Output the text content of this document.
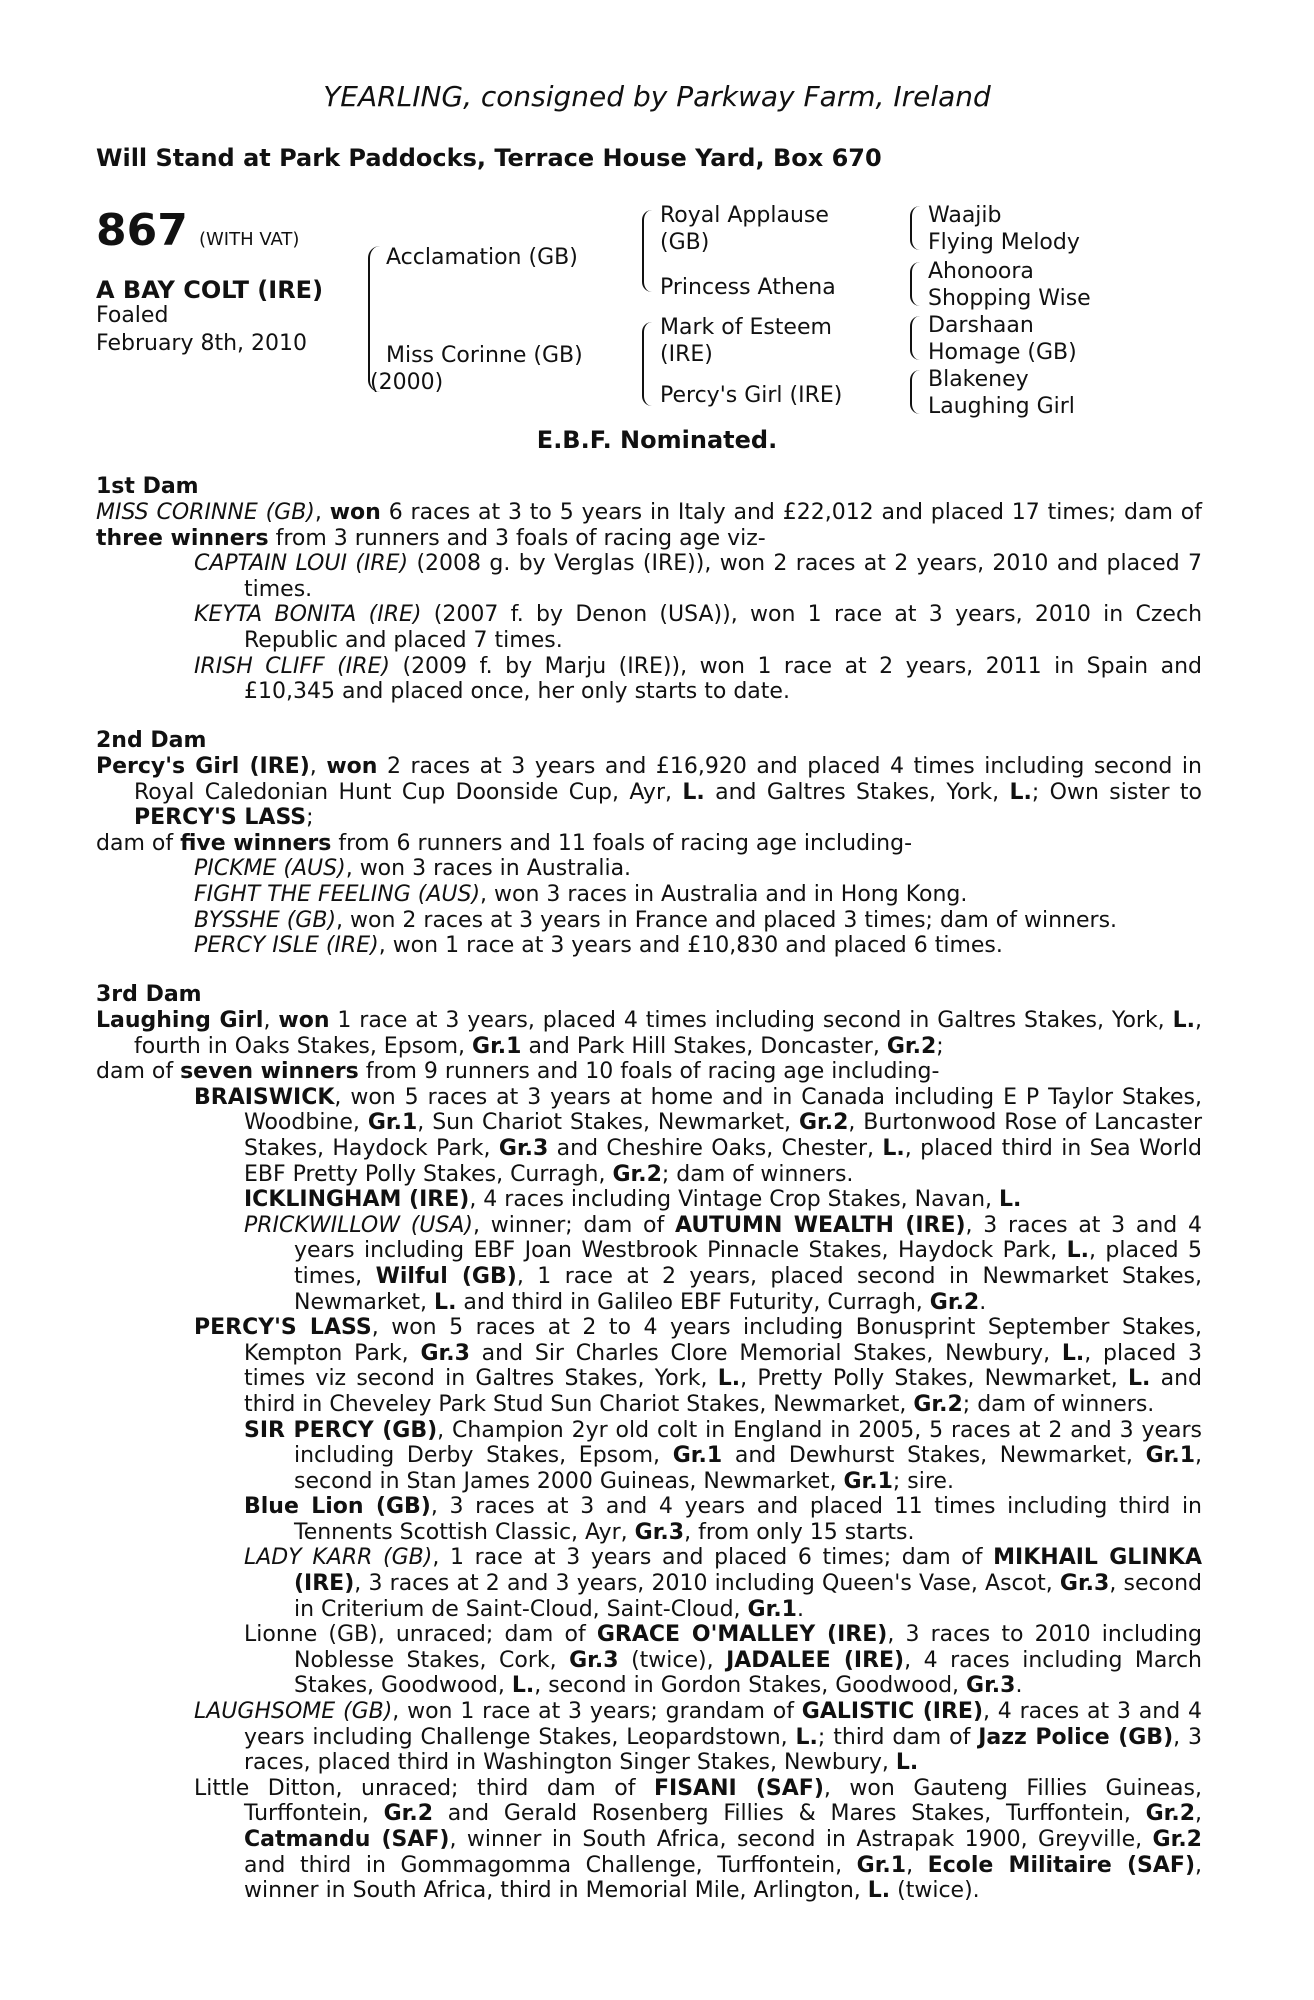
YEARLING, consigned by Parkway Farm, Ireland
Will Stand at Park Paddocks, Terrace House Yard, Box 670
867 (WITH VAT)
A BAY COLT (IRE)
Foaled
February 8th, 2010
Acclamation (GB)
Miss Corinne (GB)
(2000)
Royal Applause
(GB)
Princess Athena
Mark of Esteem
(IRE)
Percy's Girl (IRE)
Waajib
Flying Melody
Ahonoora
Shopping Wise
Darshaan
Homage (GB)
Blakeney
Laughing Girl
E.B.F. Nominated.
1st Dam

MISS CORINNE (GB), won 6 races at 3 to 5 years in Italy and £22,012 and placed 17 times; dam of three winners from 3 runners and 3 foals of racing age viz-

CAPTAIN LOUI (IRE) (2008 g. by Verglas (IRE)), won 2 races at 2 years, 2010 and placed 7 times.

KEYTA BONITA (IRE) (2007 f. by Denon (USA)), won 1 race at 3 years, 2010 in Czech Republic and placed 7 times.

IRISH CLIFF (IRE) (2009 f. by Marju (IRE)), won 1 race at 2 years, 2011 in Spain and £10,345 and placed once, her only starts to date.

2nd Dam

Percy's Girl (IRE), won 2 races at 3 years and £16,920 and placed 4 times including second in Royal Caledonian Hunt Cup Doonside Cup, Ayr, L. and Galtres Stakes, York, L.; Own sister to PERCY'S LASS;

dam of five winners from 6 runners and 11 foals of racing age including-

PICKME (AUS), won 3 races in Australia.

FIGHT THE FEELING (AUS), won 3 races in Australia and in Hong Kong.

BYSSHE (GB), won 2 races at 3 years in France and placed 3 times; dam of winners.

PERCY ISLE (IRE), won 1 race at 3 years and £10,830 and placed 6 times.

3rd Dam

Laughing Girl, won 1 race at 3 years, placed 4 times including second in Galtres Stakes, York, L., fourth in Oaks Stakes, Epsom, Gr.1 and Park Hill Stakes, Doncaster, Gr.2;

dam of seven winners from 9 runners and 10 foals of racing age including-

BRAISWICK, won 5 races at 3 years at home and in Canada including E P Taylor Stakes, Woodbine, Gr.1, Sun Chariot Stakes, Newmarket, Gr.2, Burtonwood Rose of Lancaster Stakes, Haydock Park, Gr.3 and Cheshire Oaks, Chester, L., placed third in Sea World EBF Pretty Polly Stakes, Curragh, Gr.2; dam of winners.

ICKLINGHAM (IRE), 4 races including Vintage Crop Stakes, Navan, L.

PRICKWILLOW (USA), winner; dam of AUTUMN WEALTH (IRE), 3 races at 3 and 4 years including EBF Joan Westbrook Pinnacle Stakes, Haydock Park, L., placed 5 times, Wilful (GB), 1 race at 2 years, placed second in Newmarket Stakes, Newmarket, L. and third in Galileo EBF Futurity, Curragh, Gr.2.

PERCY'S LASS, won 5 races at 2 to 4 years including Bonusprint September Stakes, Kempton Park, Gr.3 and Sir Charles Clore Memorial Stakes, Newbury, L., placed 3 times viz second in Galtres Stakes, York, L., Pretty Polly Stakes, Newmarket, L. and third in Cheveley Park Stud Sun Chariot Stakes, Newmarket, Gr.2; dam of winners.

SIR PERCY (GB), Champion 2yr old colt in England in 2005, 5 races at 2 and 3 years including Derby Stakes, Epsom, Gr.1 and Dewhurst Stakes, Newmarket, Gr.1, second in Stan James 2000 Guineas, Newmarket, Gr.1; sire.

Blue Lion (GB), 3 races at 3 and 4 years and placed 11 times including third in Tennents Scottish Classic, Ayr, Gr.3, from only 15 starts.

LADY KARR (GB), 1 race at 3 years and placed 6 times; dam of MIKHAIL GLINKA (IRE), 3 races at 2 and 3 years, 2010 including Queen's Vase, Ascot, Gr.3, second in Criterium de Saint-Cloud, Saint-Cloud, Gr.1.

Lionne (GB), unraced; dam of GRACE O'MALLEY (IRE), 3 races to 2010 including Noblesse Stakes, Cork, Gr.3 (twice), JADALEE (IRE), 4 races including March Stakes, Goodwood, L., second in Gordon Stakes, Goodwood, Gr.3.

LAUGHSOME (GB), won 1 race at 3 years; grandam of GALISTIC (IRE), 4 races at 3 and 4 years including Challenge Stakes, Leopardstown, L.; third dam of Jazz Police (GB), 3 races, placed third in Washington Singer Stakes, Newbury, L.

Little Ditton, unraced; third dam of FISANI (SAF), won Gauteng Fillies Guineas, Turffontein, Gr.2 and Gerald Rosenberg Fillies & Mares Stakes, Turffontein, Gr.2, Catmandu (SAF), winner in South Africa, second in Astrapak 1900, Greyville, Gr.2 and third in Gommagomma Challenge, Turffontein, Gr.1, Ecole Militaire (SAF), winner in South Africa, third in Memorial Mile, Arlington, L. (twice).
